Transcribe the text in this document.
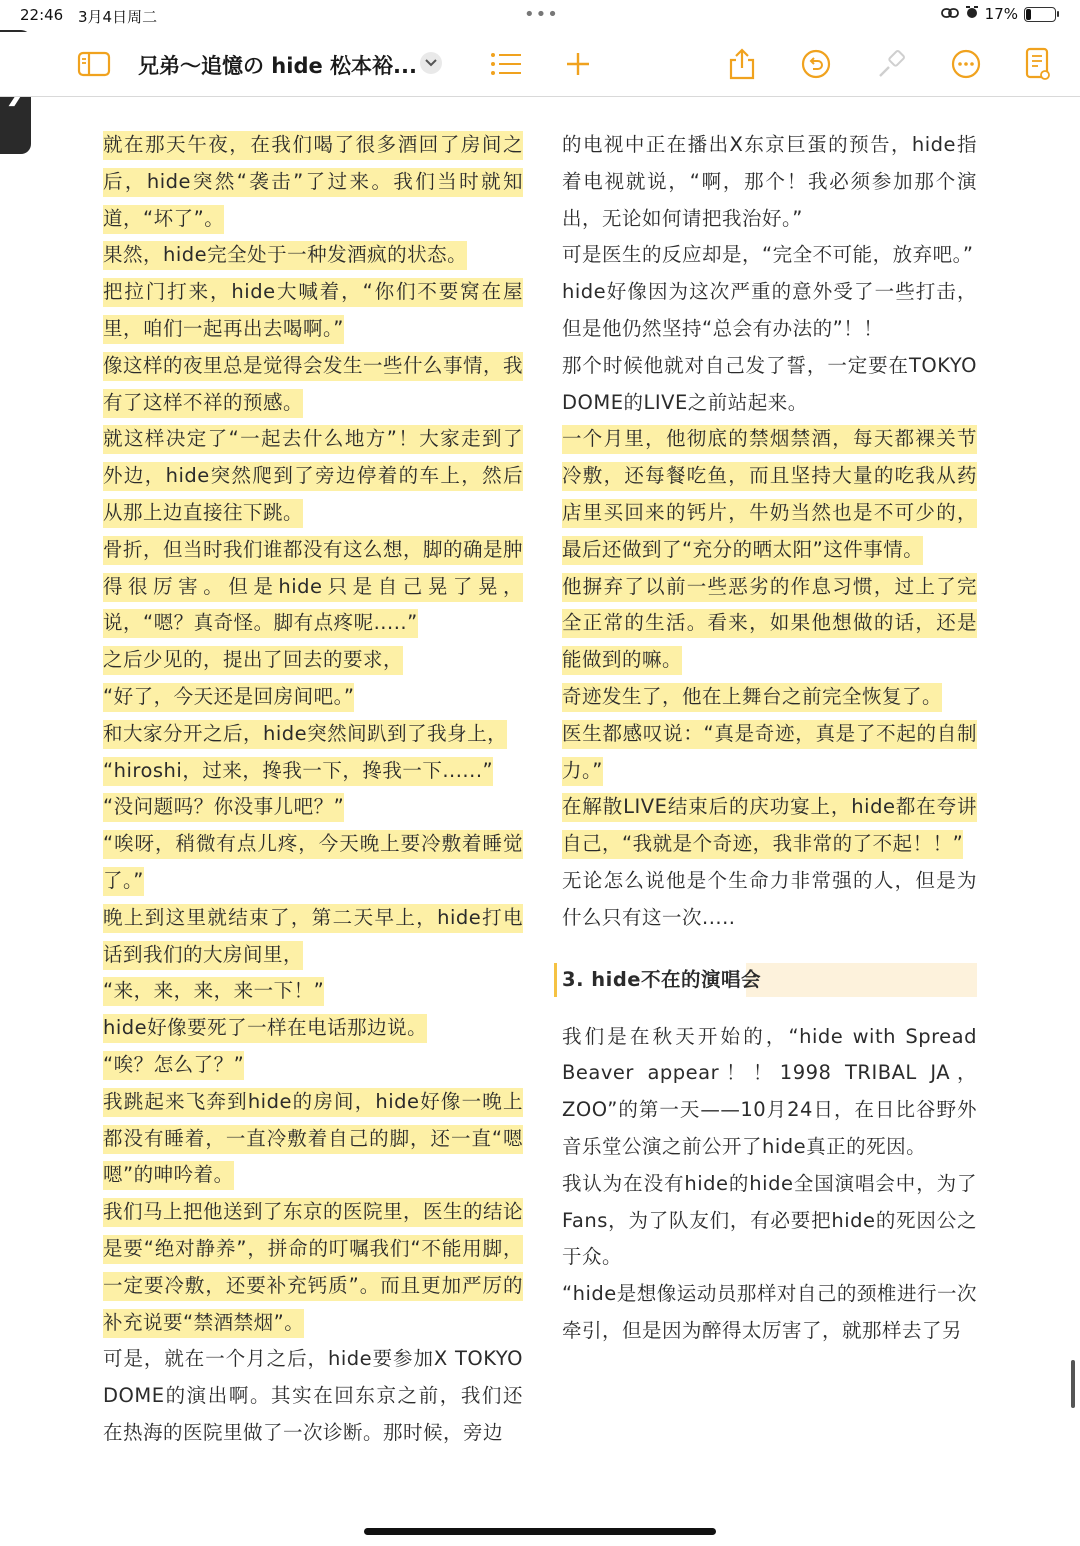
22:46 3月4日周二	•••	17%
兄弟～追憶の hide 松本裕...

就在那天午夜，在我们喝了很多酒回了房间之后，hide突然“袭击”了过来。我们当时就知道，“坏了”。

果然，hide完全处于一种发酒疯的状态。

把拉门打来，hide大喊着，“你们不要窝在屋里，咱们一起再出去喝啊。”

像这样的夜里总是觉得会发生一些什么事情，我有了这样不祥的预感。

就这样决定了“一起去什么地方”！大家走到了外边，hide突然爬到了旁边停着的车上，然后从那上边直接往下跳。

骨折，但当时我们谁都没有这么想，脚的确是肿得很厉害。但是hide只是自己晃了晃，说，“嗯？真奇怪。脚有点疼呢.....”

之后少见的，提出了回去的要求，

“好了，今天还是回房间吧。”

和大家分开之后，hide突然间趴到了我身上，

“hiroshi，过来，搀我一下，搀我一下......”

“没问题吗？你没事儿吧？”

“唉呀，稍微有点儿疼，今天晚上要冷敷着睡觉了。”

晚上到这里就结束了，第二天早上，hide打电话到我们的大房间里，

“来，来，来，来一下！”

hide好像要死了一样在电话那边说。

“唉？怎么了？”

我跳起来飞奔到hide的房间，hide好像一晚上都没有睡着，一直冷敷着自己的脚，还一直“嗯嗯”的呻吟着。

我们马上把他送到了东京的医院里，医生的结论是要“绝对静养”，拼命的叮嘱我们“不能用脚，一定要冷敷，还要补充钙质”。而且更加严厉的补充说要“禁酒禁烟”。

可是，就在一个月之后，hide要参加X TOKYO DOME的演出啊。其实在回东京之前，我们还在热海的医院里做了一次诊断。那时候，旁边

的电视中正在播出X东京巨蛋的预告，hide指着电视就说，“啊，那个！我必须参加那个演出，无论如何请把我治好。”

可是医生的反应却是，“完全不可能，放弃吧。”

hide好像因为这次严重的意外受了一些打击，但是他仍然坚持“总会有办法的”！！

那个时候他就对自己发了誓，一定要在TOKYO DOME的LIVE之前站起来。

一个月里，他彻底的禁烟禁酒，每天都裸关节冷敷，还每餐吃鱼，而且坚持大量的吃我从药店里买回来的钙片，牛奶当然也是不可少的，最后还做到了“充分的晒太阳”这件事情。

他摒弃了以前一些恶劣的作息习惯，过上了完全正常的生活。看来，如果他想做的话，还是能做到的嘛。

奇迹发生了，他在上舞台之前完全恢复了。

医生都感叹说：“真是奇迹，真是了不起的自制力。”

在解散LIVE结束后的庆功宴上，hide都在夸讲自己，“我就是个奇迹，我非常的了不起！！”

无论怎么说他是个生命力非常强的人，但是为什么只有这一次.....

3. hide不在的演唱会

我们是在秋天开始的，“hide with Spread Beaver appear！！1998 TRIBAL JA，ZOO”的第一天——10月24日，在日比谷野外音乐堂公演之前公开了hide真正的死因。

我认为在没有hide的hide全国演唱会中，为了Fans，为了队友们，有必要把hide的死因公之于众。

“hide是想像运动员那样对自己的颈椎进行一次牵引，但是因为醉得太厉害了，就那样去了另
